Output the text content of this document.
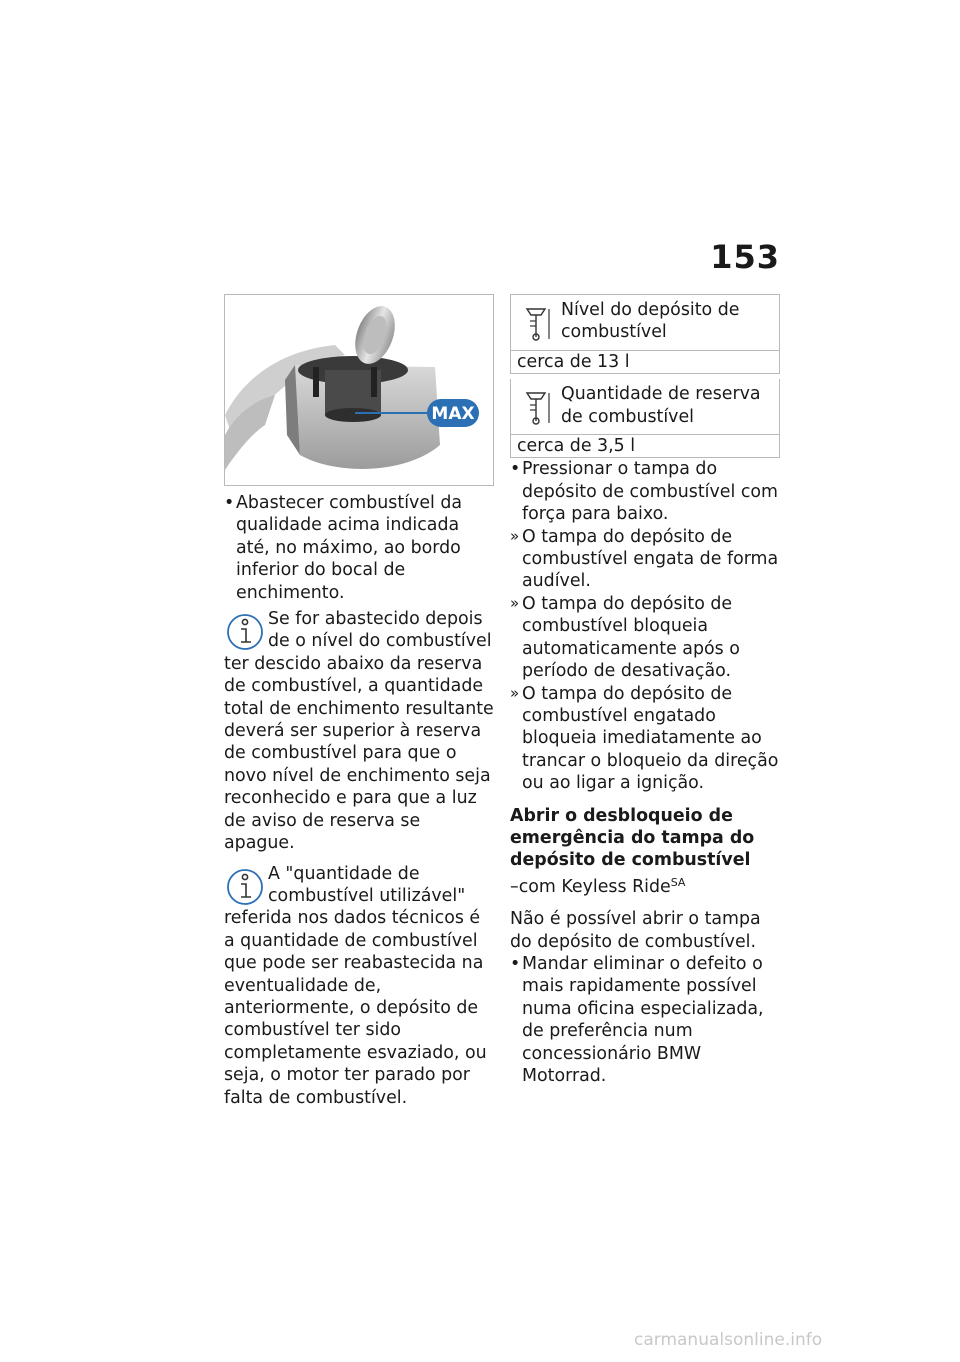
153
MAX
• Abastecer combustível da qualidade acima indicada até, no máximo, ao bordo inferior do bocal de enchimento.
Se for abastecido depois de o nível do combustível ter descido abaixo da reserva de combustível, a quantidade total de enchimento resultante deverá ser superior à reserva de combustível para que o novo nível de enchimento seja reconhecido e para que a luz de aviso de reserva se apague.
A "quantidade de combustível utilizável" referida nos dados técnicos é a quantidade de combustível que pode ser reabastecida na eventualidade de, anteriormente, o depósito de combustível ter sido completamente esvaziado, ou seja, o motor ter parado por falta de combustível.
Nível do depósito de combustível
cerca de 13 l
Quantidade de reserva de combustível
cerca de 3,5 l
• Pressionar o tampa do depósito de combustível com força para baixo.
» O tampa do depósito de combustível engata de forma audível.
» O tampa do depósito de combustível bloqueia automaticamente após o período de desativação.
» O tampa do depósito de combustível engatado bloqueia imediatamente ao trancar o bloqueio da direção ou ao ligar a ignição.
Abrir o desbloqueio de emergência do tampa do depósito de combustível
–com Keyless Ride$^{SA}$
Não é possível abrir o tampa do depósito de combustível.
• Mandar eliminar o defeito o mais rapidamente possível numa oficina especializada, de preferência num concessionário BMW Motorrad.
carmanualsonline.info
